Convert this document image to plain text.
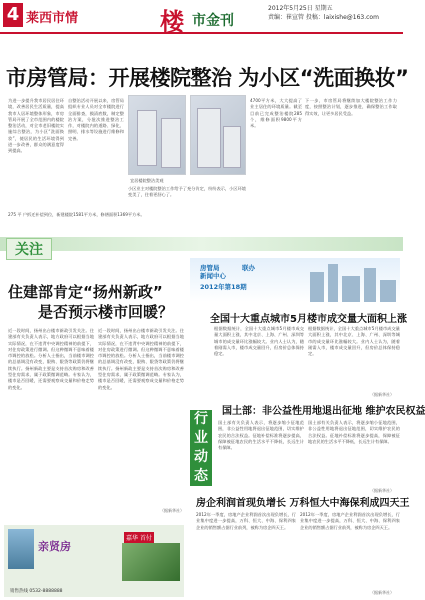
4 莱西市情	楼 市金刊
2012年5月25日 星期五
责编：崔宣管 投稿：laixishe@163.com
市房管局：开展楼院整治 为小区“洗面换妆”
为进一步提升我市居民居住环境，改善居民生活质量，提高我市人居环境整体形象，市房管局开展了全市范围内的楼院整治活动，对全市老旧楼院实施综合整治，为小区“洗面换妆”，使居民的生活环境得到进一步改善，群众的满意度得到提高。
自整治活动开展以来，房管局组织专业人员对全市楼院进行全面排查，摸清底数，制定整治方案，分批次推进整治工作，对楼院内的道路、绿化、照明、排水等设施进行维修和完善。
下一步，市房管局将继续加大楼院整治工作力度，按照整治计划，逐步推进，确保整治工作取得实效，让更多居民受益。
4700平方米，大大提高了业主居住的环境质量。截至目前已完成整治楼院285个，维修面积9800平方米。
宜居楼院整洁美观
小区业主对楼院整治工作给予了充分肯定，纷纷表示，小区环境变美了，住着更舒心了。
275 平 户拆迁补偿到位，新建楼院1581平方米，修缮面积1369平方米。
关注
住建部肯定“扬州新政”
是否预示楼市回暖？
近一段时间，扬州出台楼市新政引发关注。住建部有关负责人表示，地方政府可以根据当地实际情况，在不违背中央调控精神的前提下，对住房政策进行微调。但这种微调不意味着楼市调控的放松。分析人士指出，当前楼市调控的总基调没有改变，限购、限贷等政策仍将继续执行。扬州新政主要是支持首次购房和改善型住房需求，属于政策微调范畴。专家认为，楼市是否回暖，还需要观察成交量和价格走势的变化。
近一段时间，扬州出台楼市新政引发关注。住建部有关负责人表示，地方政府可以根据当地实际情况，在不违背中央调控精神的前提下，对住房政策进行微调。但这种微调不意味着楼市调控的放松。分析人士指出，当前楼市调控的总基调没有改变，限购、限贷等政策仍将继续执行。扬州新政主要是支持首次购房和改善型住房需求，属于政策微调范畴。专家认为，楼市是否回暖，还需要观察成交量和价格走势的变化。
（据新华社）
房管局
新闻中心
联办
2012年第18期
全国十大重点城市5月楼市成交量大面积上涨
根据数据统计，全国十大重点城市5月楼市成交量大面积上涨，其中北京、上海、广州、深圳等城市的成交量环比涨幅较大。业内人士认为，随着刚需入市，楼市成交量回升，但房价总体保持稳定。
根据数据统计，全国十大重点城市5月楼市成交量大面积上涨，其中北京、上海、广州、深圳等城市的成交量环比涨幅较大。业内人士认为，随着刚需入市，楼市成交量回升，但房价总体保持稳定。
（据新华社）
行业动态
国土部：非公益性用地退出征地 维护农民权益
国土部有关负责人表示，将逐步缩小征地范围，非公益性用地将退出征地范围，切实维护农民的合法权益。征地补偿标准将逐步提高，保障被征地农民的生活水平不降低，长远生计有保障。
国土部有关负责人表示，将逐步缩小征地范围，非公益性用地将退出征地范围，切实维护农民的合法权益。征地补偿标准将逐步提高，保障被征地农民的生活水平不降低，长远生计有保障。
（据新华社）
房企利润首现负增长 万科恒大中海保利成四天王
2012年一季度，房地产企业利润首次出现负增长，行业集中度进一步提高，万科、恒大、中海、保利四家企业的销售额占据行业前列，被称为房企四天王。
2012年一季度，房地产企业利润首次出现负增长，行业集中度进一步提高，万科、恒大、中海、保利四家企业的销售额占据行业前列，被称为房企四天王。
（据新华社）
亲贤房
嘉华 首付
销售热线 0532-8888888
